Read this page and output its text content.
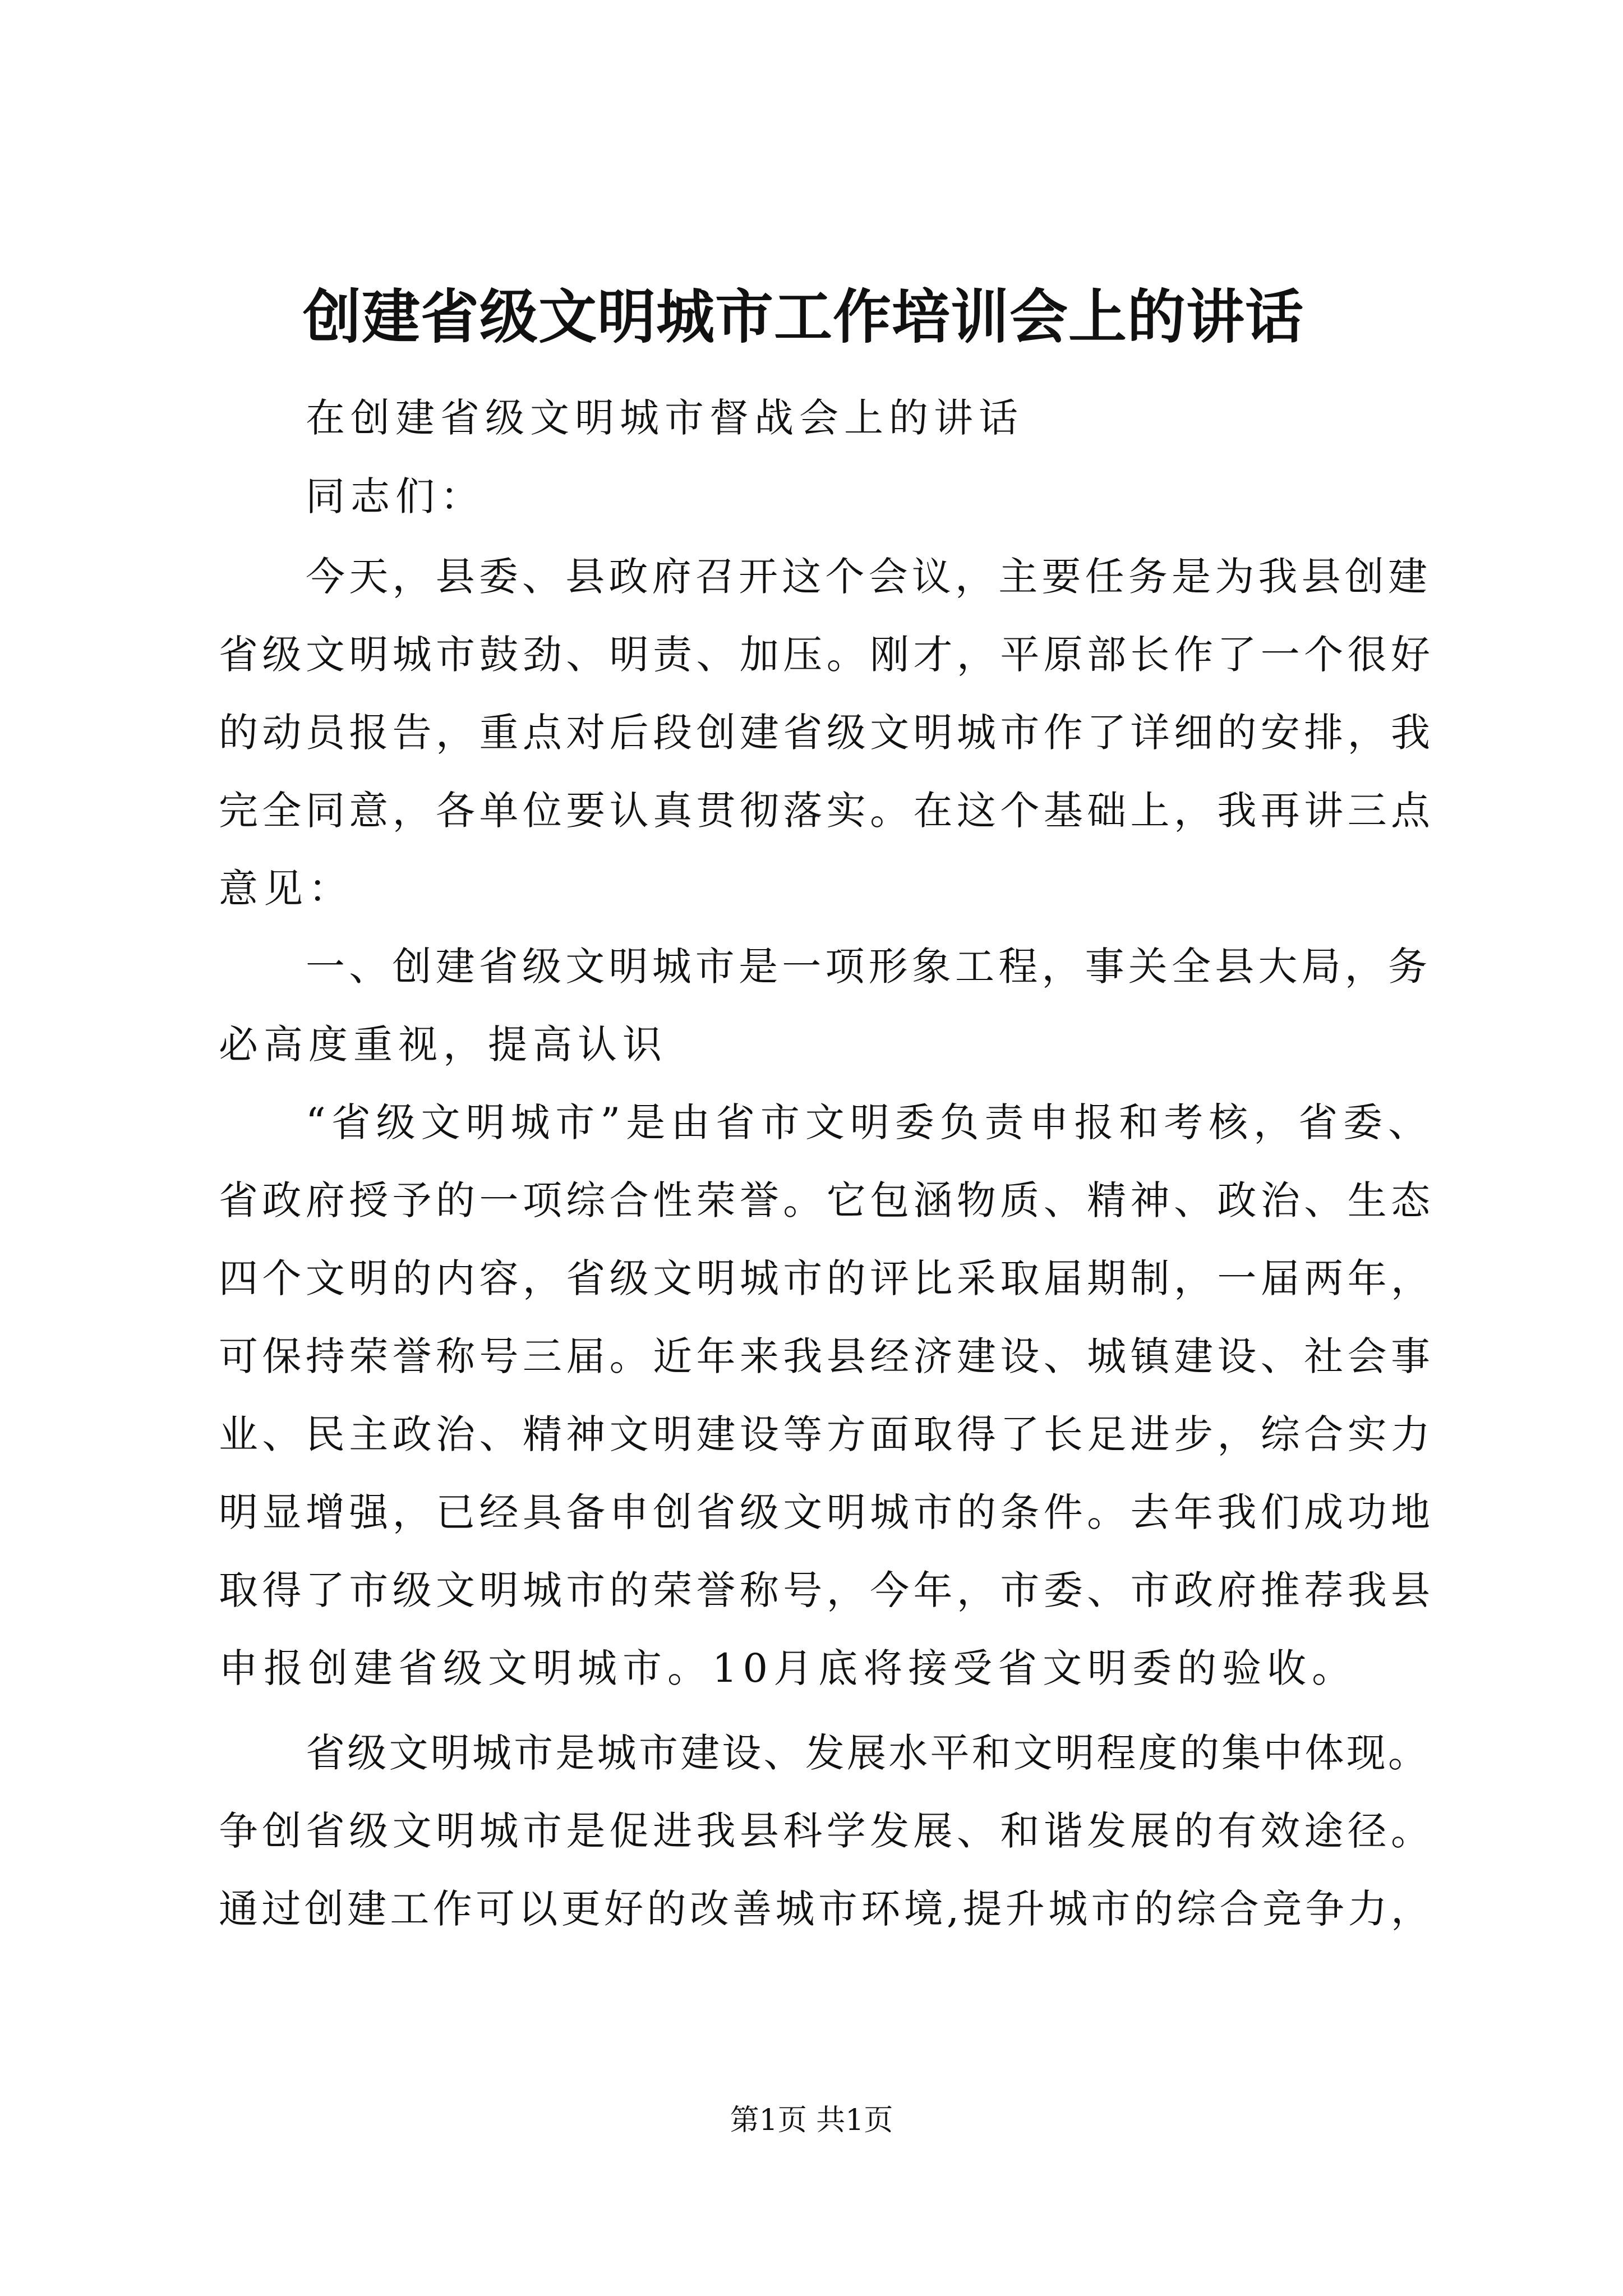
创建省级文明城市工作培训会上的讲话
在创建省级文明城市督战会上的讲话
同志们：
今天，县委、县政府召开这个会议，主要任务是为我县创建
省级文明城市鼓劲、明责、加压。刚才，平原部长作了一个很好
的动员报告，重点对后段创建省级文明城市作了详细的安排，我
完全同意，各单位要认真贯彻落实。在这个基础上，我再讲三点
意见：
一、创建省级文明城市是一项形象工程，事关全县大局，务
必高度重视，提高认识
“省级文明城市”是由省市文明委负责申报和考核，省委、
省政府授予的一项综合性荣誉。它包涵物质、精神、政治、生态
四个文明的内容，省级文明城市的评比采取届期制，一届两年，
可保持荣誉称号三届。近年来我县经济建设、城镇建设、社会事
业、民主政治、精神文明建设等方面取得了长足进步，综合实力
明显增强，已经具备申创省级文明城市的条件。去年我们成功地
取得了市级文明城市的荣誉称号，今年，市委、市政府推荐我县
申报创建省级文明城市。10月底将接受省文明委的验收。
省级文明城市是城市建设、发展水平和文明程度的集中体现。
争创省级文明城市是促进我县科学发展、和谐发展的有效途径。
通过创建工作可以更好的改善城市环境,提升城市的综合竞争力，
第1页 共1页
